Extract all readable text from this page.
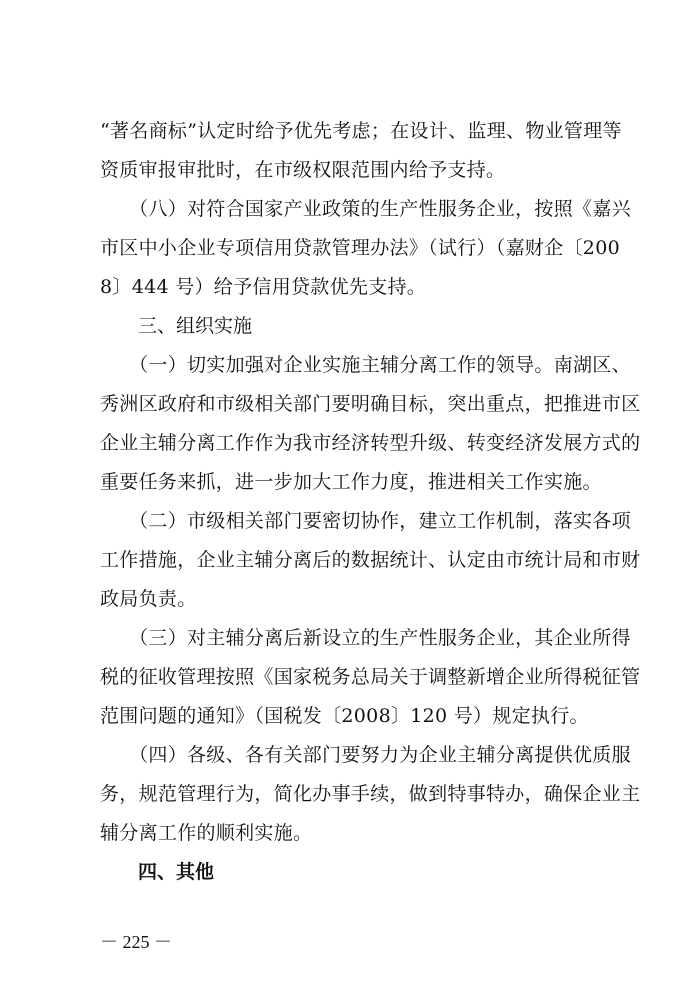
“著名商标”认定时给予优先考虑；在设计、监理、物业管理等
资质审报审批时，在市级权限范围内给予支持。
　　（八）对符合国家产业政策的生产性服务企业，按照《嘉兴
市区中小企业专项信用贷款管理办法》（试行）（嘉财企〔200
8〕444 号）给予信用贷款优先支持。
三、组织实施
　　（一）切实加强对企业实施主辅分离工作的领导。南湖区、
秀洲区政府和市级相关部门要明确目标，突出重点，把推进市区
企业主辅分离工作作为我市经济转型升级、转变经济发展方式的
重要任务来抓，进一步加大工作力度，推进相关工作实施。
　　（二）市级相关部门要密切协作，建立工作机制，落实各项
工作措施，企业主辅分离后的数据统计、认定由市统计局和市财
政局负责。
　　（三）对主辅分离后新设立的生产性服务企业，其企业所得
税的征收管理按照《国家税务总局关于调整新增企业所得税征管
范围问题的通知》（国税发〔2008〕120 号）规定执行。
　　（四）各级、各有关部门要努力为企业主辅分离提供优质服
务，规范管理行为，简化办事手续，做到特事特办，确保企业主
辅分离工作的顺利实施。
四、其他
－ 225 －
